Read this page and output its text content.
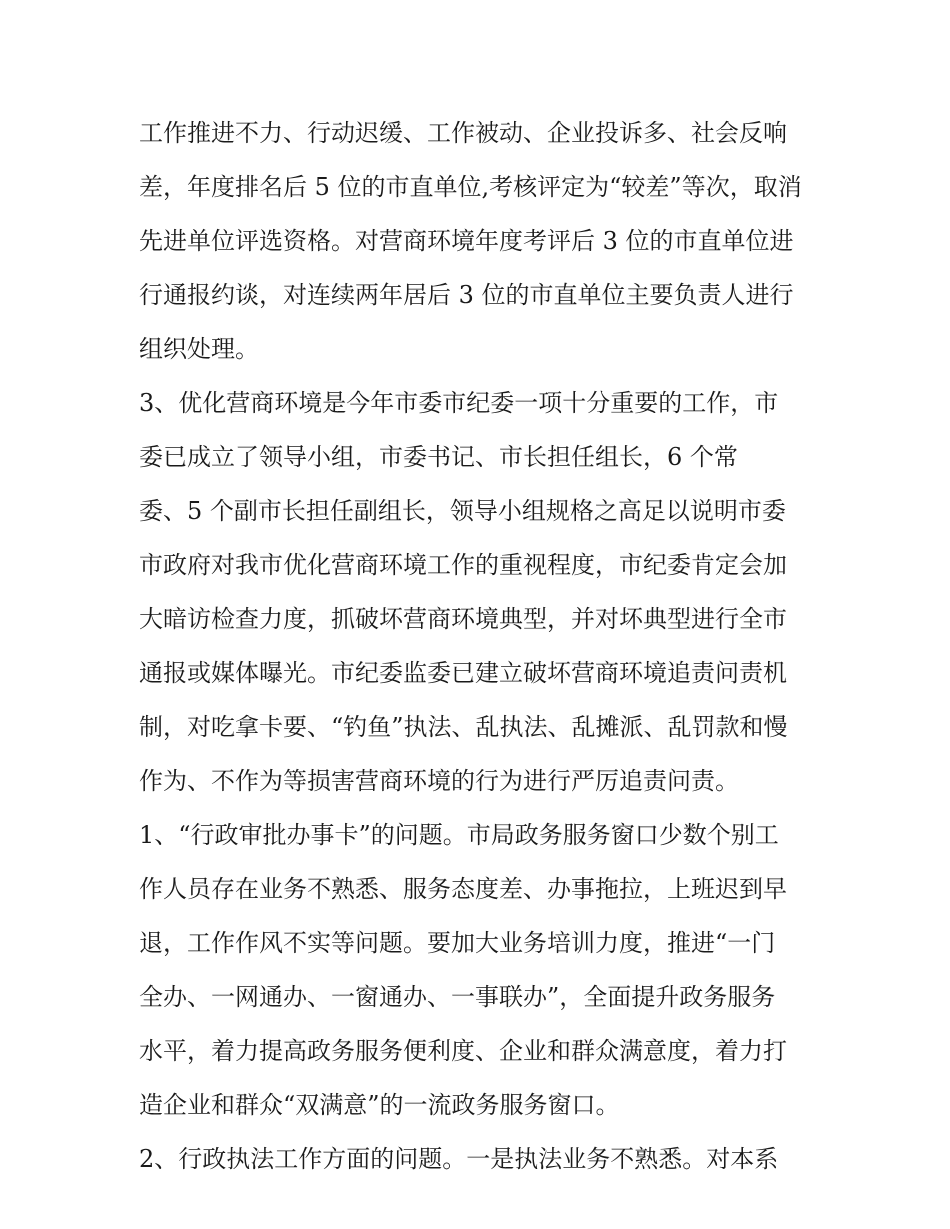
工作推进不力、行动迟缓、工作被动、企业投诉多、社会反响
差，年度排名后 5 位的市直单位,考核评定为“较差”等次，取消
先进单位评选资格。对营商环境年度考评后 3 位的市直单位进
行通报约谈，对连续两年居后 3 位的市直单位主要负责人进行
组织处理。
3、优化营商环境是今年市委市纪委一项十分重要的工作，市
委已成立了领导小组，市委书记、市长担任组长，6 个常
委、5 个副市长担任副组长，领导小组规格之高足以说明市委
市政府对我市优化营商环境工作的重视程度，市纪委肯定会加
大暗访检查力度，抓破坏营商环境典型，并对坏典型进行全市
通报或媒体曝光。市纪委监委已建立破坏营商环境追责问责机
制，对吃拿卡要、“钓鱼”执法、乱执法、乱摊派、乱罚款和慢
作为、不作为等损害营商环境的行为进行严厉追责问责。
1、“行政审批办事卡”的问题。市局政务服务窗口少数个别工
作人员存在业务不熟悉、服务态度差、办事拖拉，上班迟到早
退，工作作风不实等问题。要加大业务培训力度，推进“一门
全办、一网通办、一窗通办、一事联办”，全面提升政务服务
水平，着力提高政务服务便利度、企业和群众满意度，着力打
造企业和群众“双满意”的一流政务服务窗口。
2、行政执法工作方面的问题。一是执法业务不熟悉。对本系
